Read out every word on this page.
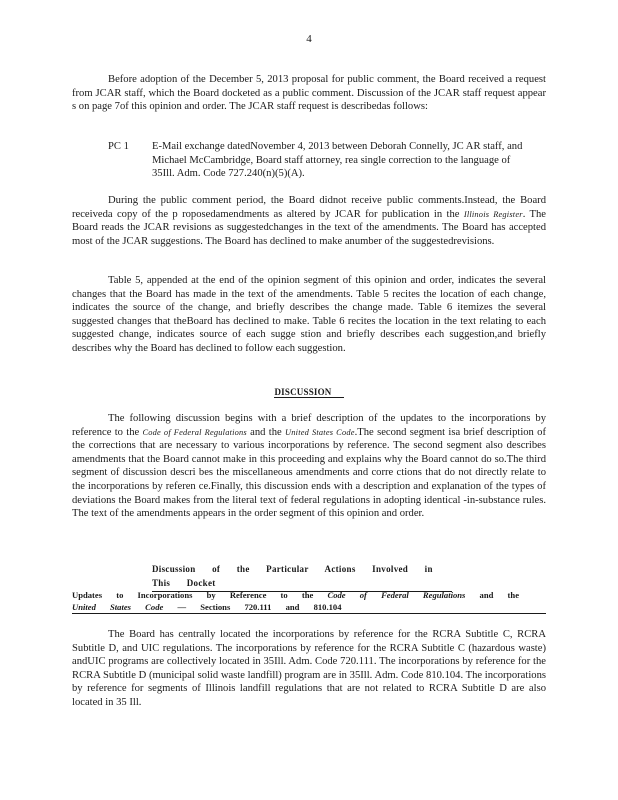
4

Before adoption of the December 5, 2013 proposal for public comment, the Board received a request from JCAR staff, which the Board docketed as a public comment. Discussion of the JCAR staff request appear s on page 7of this opinion and order. The JCAR staff request is describedas follows:

PC 1	E-Mail exchange datedNovember 4, 2013 between Deborah Connelly, JC AR staff, and Michael McCambridge, Board staff attorney, rea single correction to the language of 35Ill. Adm. Code 727.240(n)(5)(A).

During the public comment period, the Board didnot receive public comments.Instead, the Board receiveda copy of the p roposedamendments as altered by JCAR for publication in the Illinois Register. The Board reads the JCAR revisions as suggestedchanges in the text of the amendments. The Board has accepted most of the JCAR suggestions. The Board has declined to make anumber of the suggestedrevisions.

Table 5, appended at the end of the opinion segment of this opinion and order, indicates the several changes that the Board has made in the text of the amendments. Table 5 recites the location of each change, indicates the source of the change, and briefly describes the change made. Table 6 itemizes the several suggested changes that theBoard has declined to make. Table 6 recites the location in the text relating to each suggested change, indicates source of each sugge stion and briefly describes each suggestion,and briefly describes why the Board has declined to follow each suggestion.

DISCUSSION

The following discussion begins with a brief description of the updates to the incorporations by reference to the Code of Federal Regulations and the United States Code.The second segment isa brief description of the corrections that are necessary to various incorporations by reference. The second segment also describes amendments that the Board cannot make in this proceeding and explains why the Board cannot do so.The third segment of discussion descri bes the miscellaneous amendments and corre ctions that do not directly relate to the incorporations by referen ce.Finally, this discussion ends with a description and explanation of the types of deviations the Board makes from the literal text of federal regulations in adopting identical -in-substance rules. The text of the amendments appears in the order segment of this opinion and order.

Discussion of the Particular Actions Involved in This Docket
Updates to Incorporations by Reference to the Code of Federal Regulations and the United States Code — Sections 720.111 and 810.104

The Board has centrally located the incorporations by reference for the RCRA Subtitle C, RCRA Subtitle D, and UIC regulations. The incorporations by reference for the RCRA Subtitle C (hazardous waste) andUIC programs are collectively located in 35Ill. Adm. Code 720.111. The incorporations by reference for the RCRA Subtitle D (municipal solid waste landfill) program are in 35Ill. Adm. Code 810.104. The incorporations by reference for segments of Illinois landfill regulations that are not related to RCRA Subtitle D are also located in 35 Ill.
